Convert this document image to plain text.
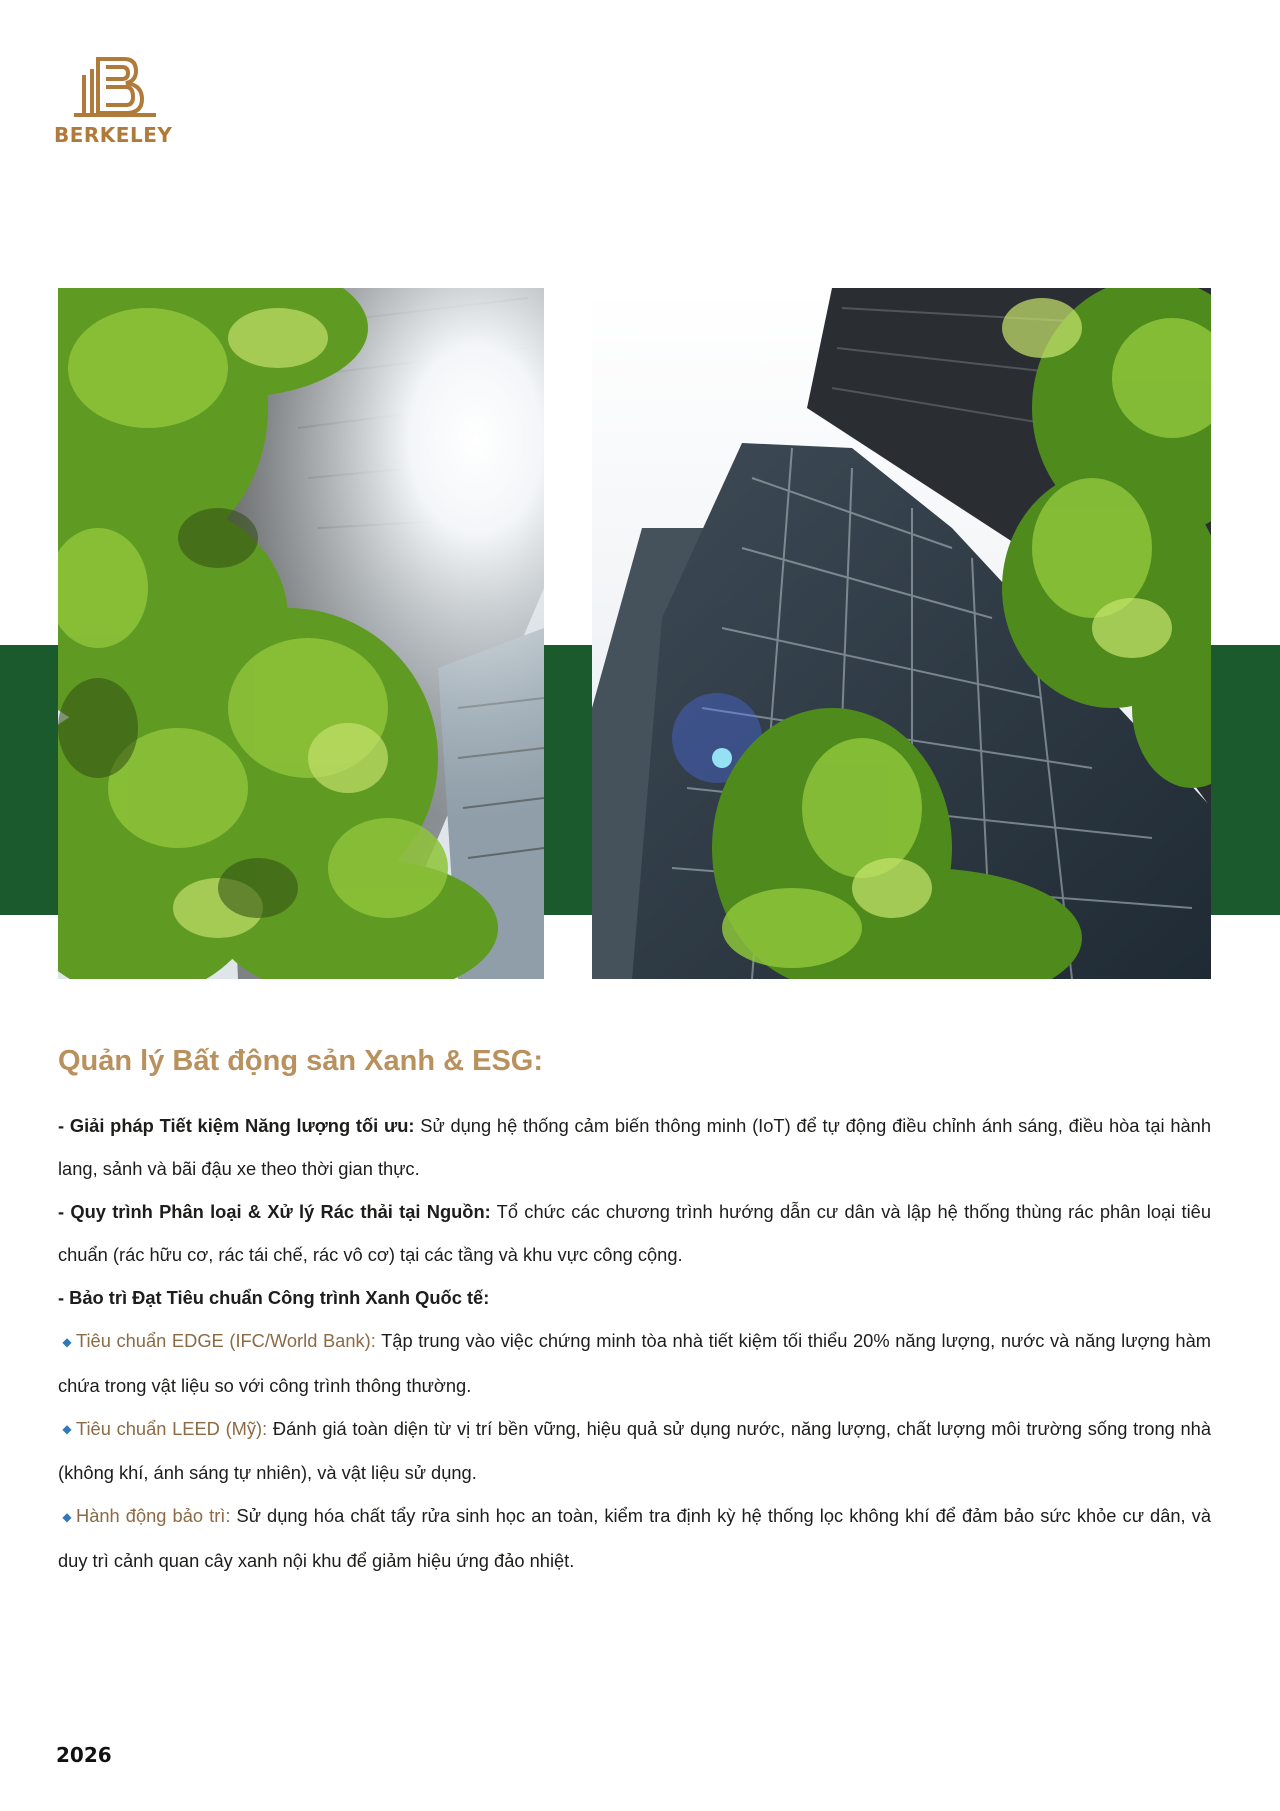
BERKELEY
Quản lý Bất động sản Xanh & ESG:

- Giải pháp Tiết kiệm Năng lượng tối ưu: Sử dụng hệ thống cảm biến thông minh (IoT) để tự động điều chỉnh ánh sáng, điều hòa tại hành lang, sảnh và bãi đậu xe theo thời gian thực.

- Quy trình Phân loại & Xử lý Rác thải tại Nguồn: Tổ chức các chương trình hướng dẫn cư dân và lập hệ thống thùng rác phân loại tiêu chuẩn (rác hữu cơ, rác tái chế, rác vô cơ) tại các tầng và khu vực công cộng.

- Bảo trì Đạt Tiêu chuẩn Công trình Xanh Quốc tế:

◆ Tiêu chuẩn EDGE (IFC/World Bank): Tập trung vào việc chứng minh tòa nhà tiết kiệm tối thiểu 20% năng lượng, nước và năng lượng hàm chứa trong vật liệu so với công trình thông thường.

◆ Tiêu chuẩn LEED (Mỹ): Đánh giá toàn diện từ vị trí bền vững, hiệu quả sử dụng nước, năng lượng, chất lượng môi trường sống trong nhà (không khí, ánh sáng tự nhiên), và vật liệu sử dụng.

◆ Hành động bảo trì: Sử dụng hóa chất tẩy rửa sinh học an toàn, kiểm tra định kỳ hệ thống lọc không khí để đảm bảo sức khỏe cư dân, và duy trì cảnh quan cây xanh nội khu để giảm hiệu ứng đảo nhiệt.

2026
